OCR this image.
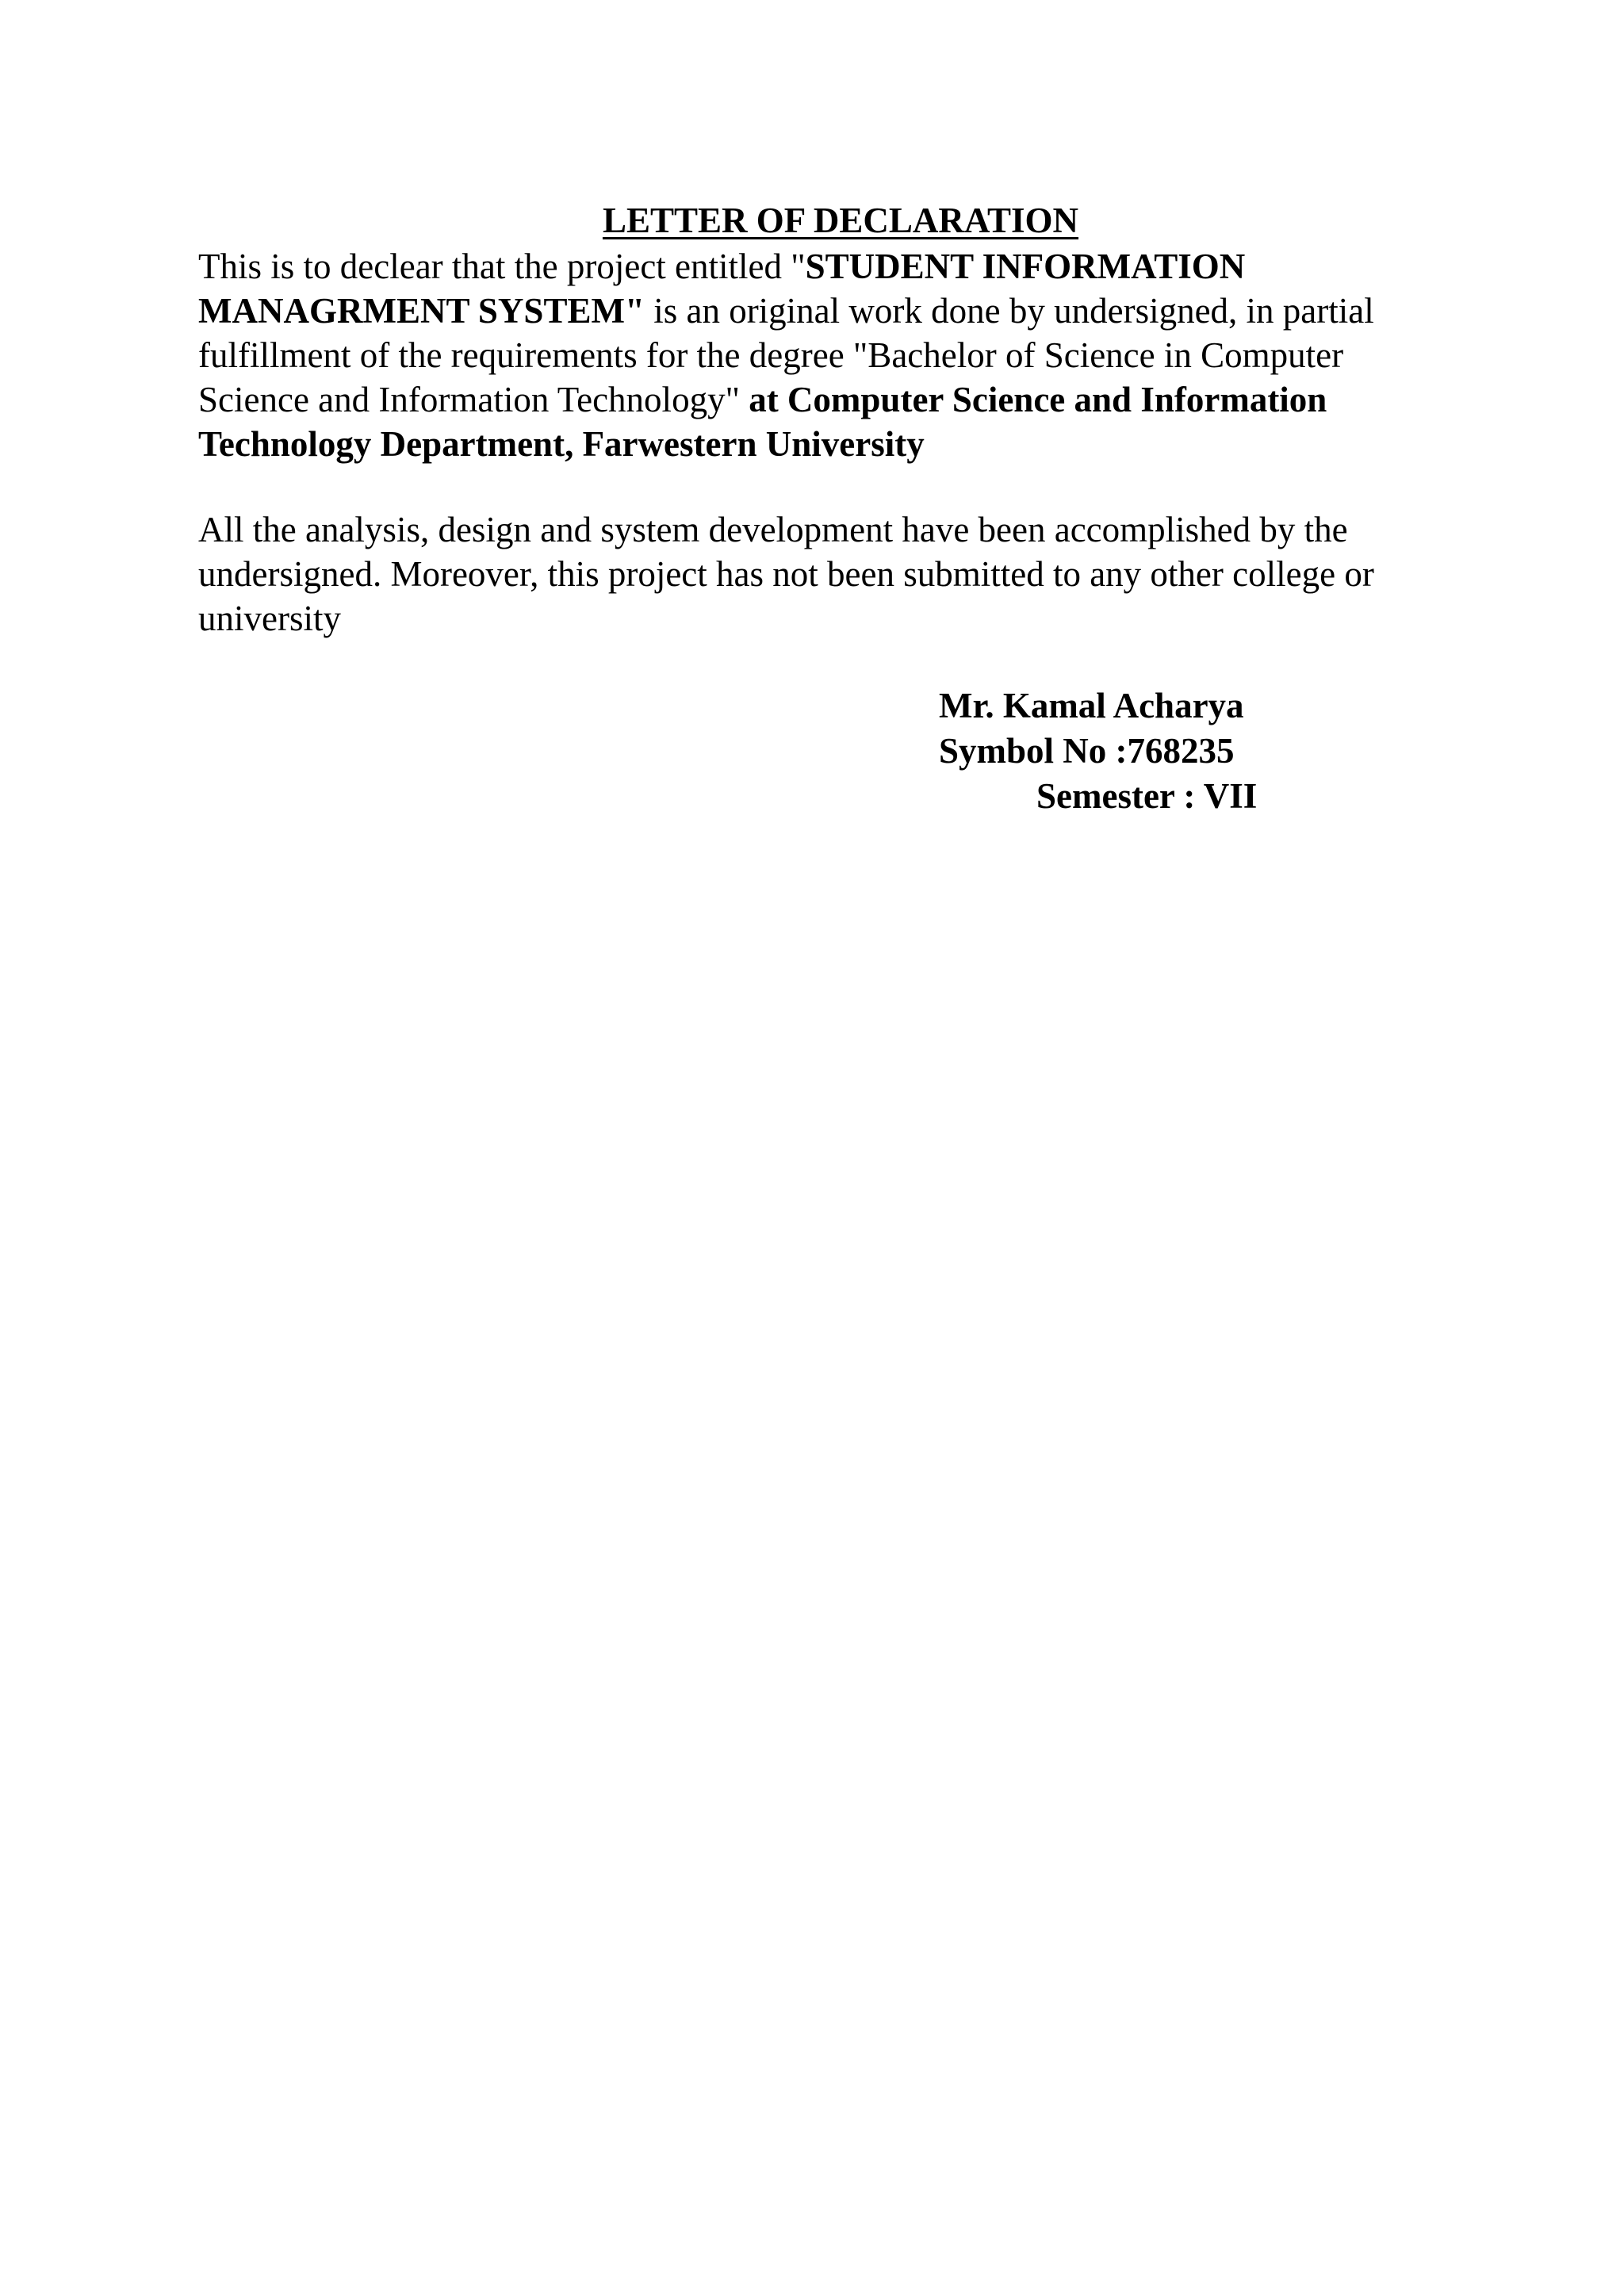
LETTER OF DECLARATION

This is to declear that the project entitled "STUDENT INFORMATION MANAGRMENT SYSTEM" is an original work done by undersigned, in partial fulfillment of the requirements for the degree "Bachelor of Science in Computer Science and Information Technology" at Computer Science and Information Technology Department, Farwestern University

All the analysis, design and system development have been accomplished by the undersigned. Moreover, this project has not been submitted to any other college or university

Mr. Kamal Acharya
Symbol No :768235
Semester : VII
